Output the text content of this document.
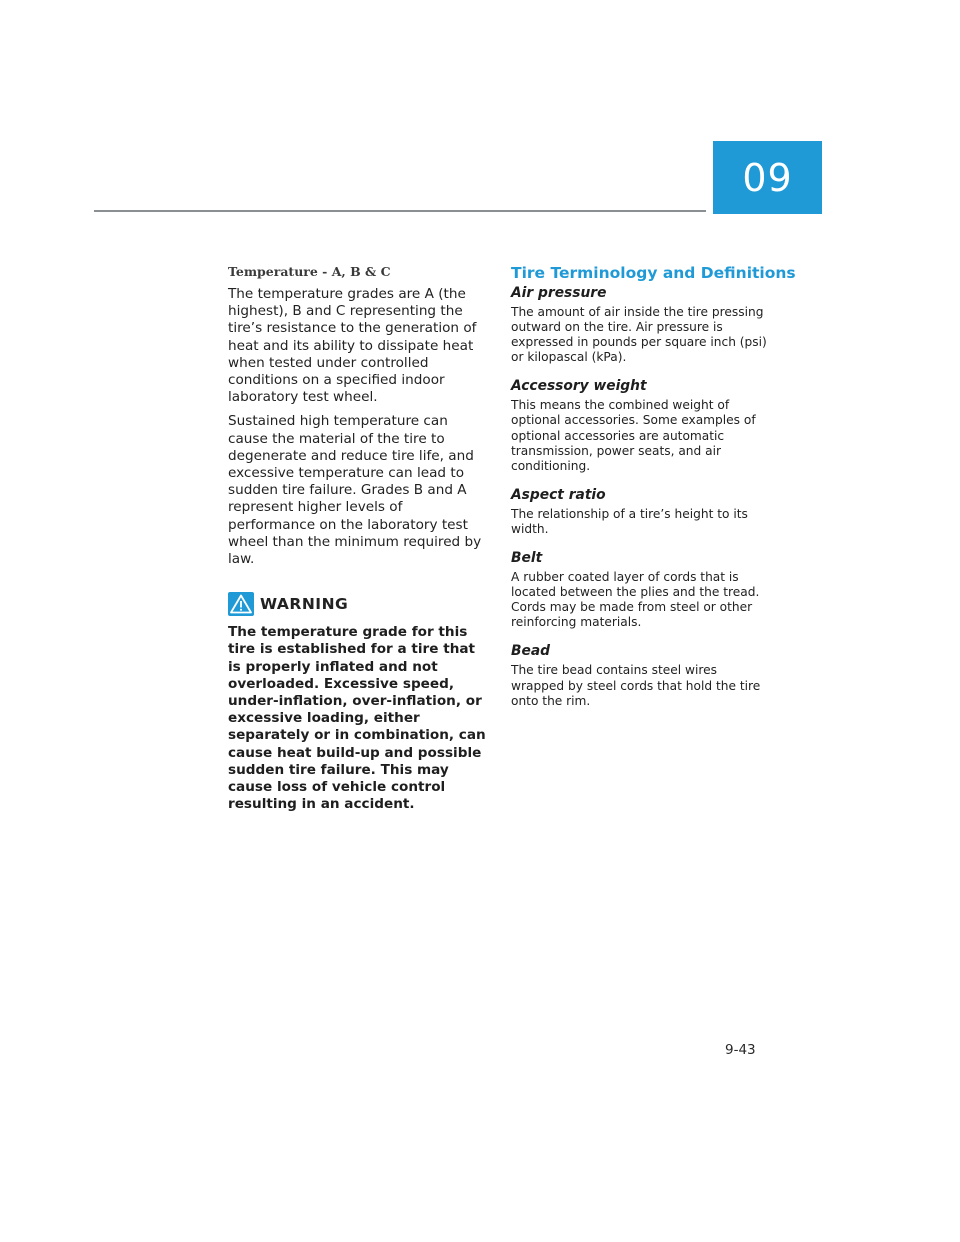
09
Temperature - A, B & C

The temperature grades are A (the highest), B and C representing the tire’s resistance to the generation of heat and its ability to dissipate heat when tested under controlled conditions on a specified indoor laboratory test wheel.

Sustained high temperature can cause the material of the tire to degenerate and reduce tire life, and excessive temperature can lead to sudden tire failure. Grades B and A represent higher levels of performance on the laboratory test wheel than the minimum required by law.

WARNING

The temperature grade for this tire is established for a tire that is properly inflated and not overloaded. Excessive speed, under-inflation, over-inflation, or excessive loading, either separately or in combination, can cause heat build-up and possible sudden tire failure. This may cause loss of vehicle control resulting in an accident.

Tire Terminology and Definitions
Air pressure

The amount of air inside the tire pressing outward on the tire. Air pressure is expressed in pounds per square inch (psi) or kilopascal (kPa).

Accessory weight

This means the combined weight of optional accessories. Some examples of optional accessories are automatic transmission, power seats, and air conditioning.

Aspect ratio

The relationship of a tire’s height to its width.

Belt

A rubber coated layer of cords that is located between the plies and the tread. Cords may be made from steel or other reinforcing materials.

Bead

The tire bead contains steel wires wrapped by steel cords that hold the tire onto the rim.

9-43
